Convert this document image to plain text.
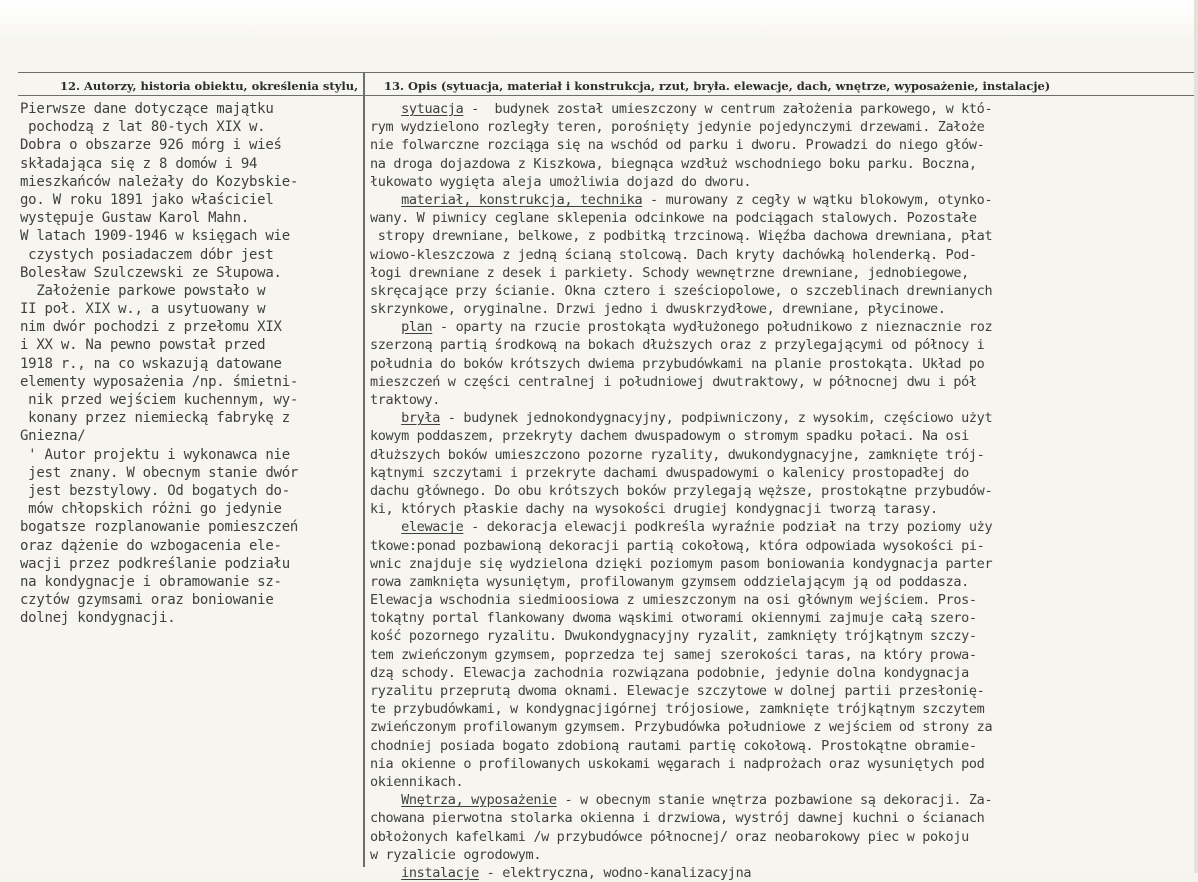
12. Autorzy, historia obiektu, określenia stylu, 13. Opis (sytuacja, materiał i konstrukcja, rzut, bryła. elewacje, dach, wnętrze, wyposażenie, instalacje)
Pierwsze dane dotyczące majątku
pochodzą z lat 80-tych XIX w.
Dobra o obszarze 926 mórg i wieś
składająca się z 8 domów i 94
mieszkańców należały do Kozybskie-
go. W roku 1891 jako właściciel
występuje Gustaw Karol Mahn.
W latach 1909-1946 w księgach wie
czystych posiadaczem dóbr jest
Bolesław Szulczewski ze Słupowa.
Założenie parkowe powstało w
II poł. XIX w., a usytuowany w
nim dwór pochodzi z przełomu XIX
i XX w. Na pewno powstał przed
1918 r., na co wskazują datowane
elementy wyposażenia /np. śmietni-
nik przed wejściem kuchennym, wy-
konany przez niemiecką fabrykę z
Gniezna/
' Autor projektu i wykonawca nie
jest znany. W obecnym stanie dwór
jest bezstylowy. Od bogatych do-
mów chłopskich różni go jedynie
bogatsze rozplanowanie pomieszczeń
oraz dążenie do wzbogacenia ele-
wacji przez podkreślanie podziału
na kondygnacje i obramowanie sz-
czytów gzymsami oraz boniowanie
dolnej kondygnacji.
sytuacja -  budynek został umieszczony w centrum założenia parkowego, w któ-
rym wydzielono rozległy teren, porośnięty jedynie pojedynczymi drzewami. Założe
nie folwarczne rozciąga się na wschód od parku i dworu. Prowadzi do niego głów-
na droga dojazdowa z Kiszkowa, biegnąca wzdłuż wschodniego boku parku. Boczna,
łukowato wygięta aleja umożliwia dojazd do dworu.
materiał, konstrukcja, technika - murowany z cegły w wątku blokowym, otynko-
wany. W piwnicy ceglane sklepenia odcinkowe na podciągach stalowych. Pozostałe
stropy drewniane, belkowe, z podbitką trzcinową. Więźba dachowa drewniana, płat
wiowo-kleszczowa z jedną ścianą stolcową. Dach kryty dachówką holenderką. Pod-
łogi drewniane z desek i parkiety. Schody wewnętrzne drewniane, jednobiegowe,
skręcające przy ścianie. Okna cztero i sześciopolowe, o szczeblinach drewnianych
skrzynkowe, oryginalne. Drzwi jedno i dwuskrzydłowe, drewniane, płycinowe.
plan - oparty na rzucie prostokąta wydłużonego południkowo z nieznacznie roz
szerzoną partią środkową na bokach dłuższych oraz z przylegającymi od północy i
południa do boków krótszych dwiema przybudówkami na planie prostokąta. Układ po
mieszczeń w części centralnej i południowej dwutraktowy, w północnej dwu i pół
traktowy.
bryła - budynek jednokondygnacyjny, podpiwniczony, z wysokim, częściowo użyt
kowym poddaszem, przekryty dachem dwuspadowym o stromym spadku połaci. Na osi
dłuższych boków umieszczono pozorne ryzality, dwukondygnacyjne, zamknięte trój-
kątnymi szczytami i przekryte dachami dwuspadowymi o kalenicy prostopadłej do
dachu głównego. Do obu krótszych boków przylegają węższe, prostokątne przybudów-
ki, których płaskie dachy na wysokości drugiej kondygnacji tworzą tarasy.
elewacje - dekoracja elewacji podkreśla wyraźnie podział na trzy poziomy uży
tkowe:ponad pozbawioną dekoracji partią cokołową, która odpowiada wysokości pi-
wnic znajduje się wydzielona dzięki poziomym pasom boniowania kondygnacja parter
rowa zamknięta wysuniętym, profilowanym gzymsem oddzielającym ją od poddasza.
Elewacja wschodnia siedmioosiowa z umieszczonym na osi głównym wejściem. Pros-
tokątny portal flankowany dwoma wąskimi otworami okiennymi zajmuje całą szero-
kość pozornego ryzalitu. Dwukondygnacyjny ryzalit, zamknięty trójkątnym szczy-
tem zwieńczonym gzymsem, poprzedza tej samej szerokości taras, na który prowa-
dzą schody. Elewacja zachodnia rozwiązana podobnie, jedynie dolna kondygnacja
ryzalitu przeprutą dwoma oknami. Elewacje szczytowe w dolnej partii przesłonię-
te przybudówkami, w kondygnacjigórnej trójosiowe, zamknięte trójkątnym szczytem
zwieńczonym profilowanym gzymsem. Przybudówka południowe z wejściem od strony za
chodniej posiada bogato zdobioną rautami partię cokołową. Prostokątne obramie-
nia okienne o profilowanych uskokami węgarach i nadprożach oraz wysuniętych pod
okiennikach.
Wnętrza, wyposażenie - w obecnym stanie wnętrza pozbawione są dekoracji. Za-
chowana pierwotna stolarka okienna i drzwiowa, wystrój dawnej kuchni o ścianach
obłożonych kafelkami /w przybudówce północnej/ oraz neobarokowy piec w pokoju
w ryzalicie ogrodowym.
instalacje - elektryczna, wodno-kanalizacyjna
